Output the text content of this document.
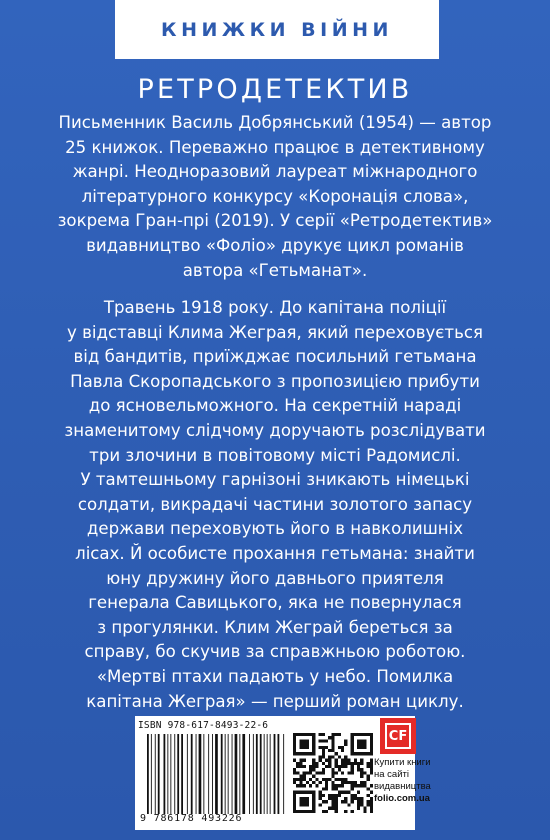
КНИЖКИ ВІЙНИ
РЕТРОДЕТЕКТИВ
Письменник Василь Добрянський (1954) — автор
25 книжок. Переважно працює в детективному
жанрі. Неодноразовий лауреат міжнародного
літературного конкурсу «Коронація слова»,
зокрема Гран-прі (2019). У серії «Ретродетектив»
видавництво «Фоліо» друкує цикл романів
автора «Гетьманат».
Травень 1918 року. До капітана поліції
у відставці Клима Жеграя, який переховується
від бандитів, приїжджає посильний гетьмана
Павла Скоропадського з пропозицією прибути
до ясновельможного. На секретній нараді
знаменитому слідчому доручають розслідувати
три злочини в повітовому місті Радомислі.
У тамтешньому гарнізоні зникають німецькі
солдати, викрадачі частини золотого запасу
держави переховують його в навколишніх
лісах. Й особисте прохання гетьмана: знайти
юну дружину його давнього приятеля
генерала Савицького, яка не повернулася
з прогулянки. Клим Жеграй береться за
справу, бо скучив за справжньою роботою.
«Мертві птахи падають у небо. Помилка
капітана Жеграя» — перший роман циклу.
ISBN 978-617-8493-22-6
9 786178 493226
CF
Купити книги
на сайті
видавництва
folio.com.ua
